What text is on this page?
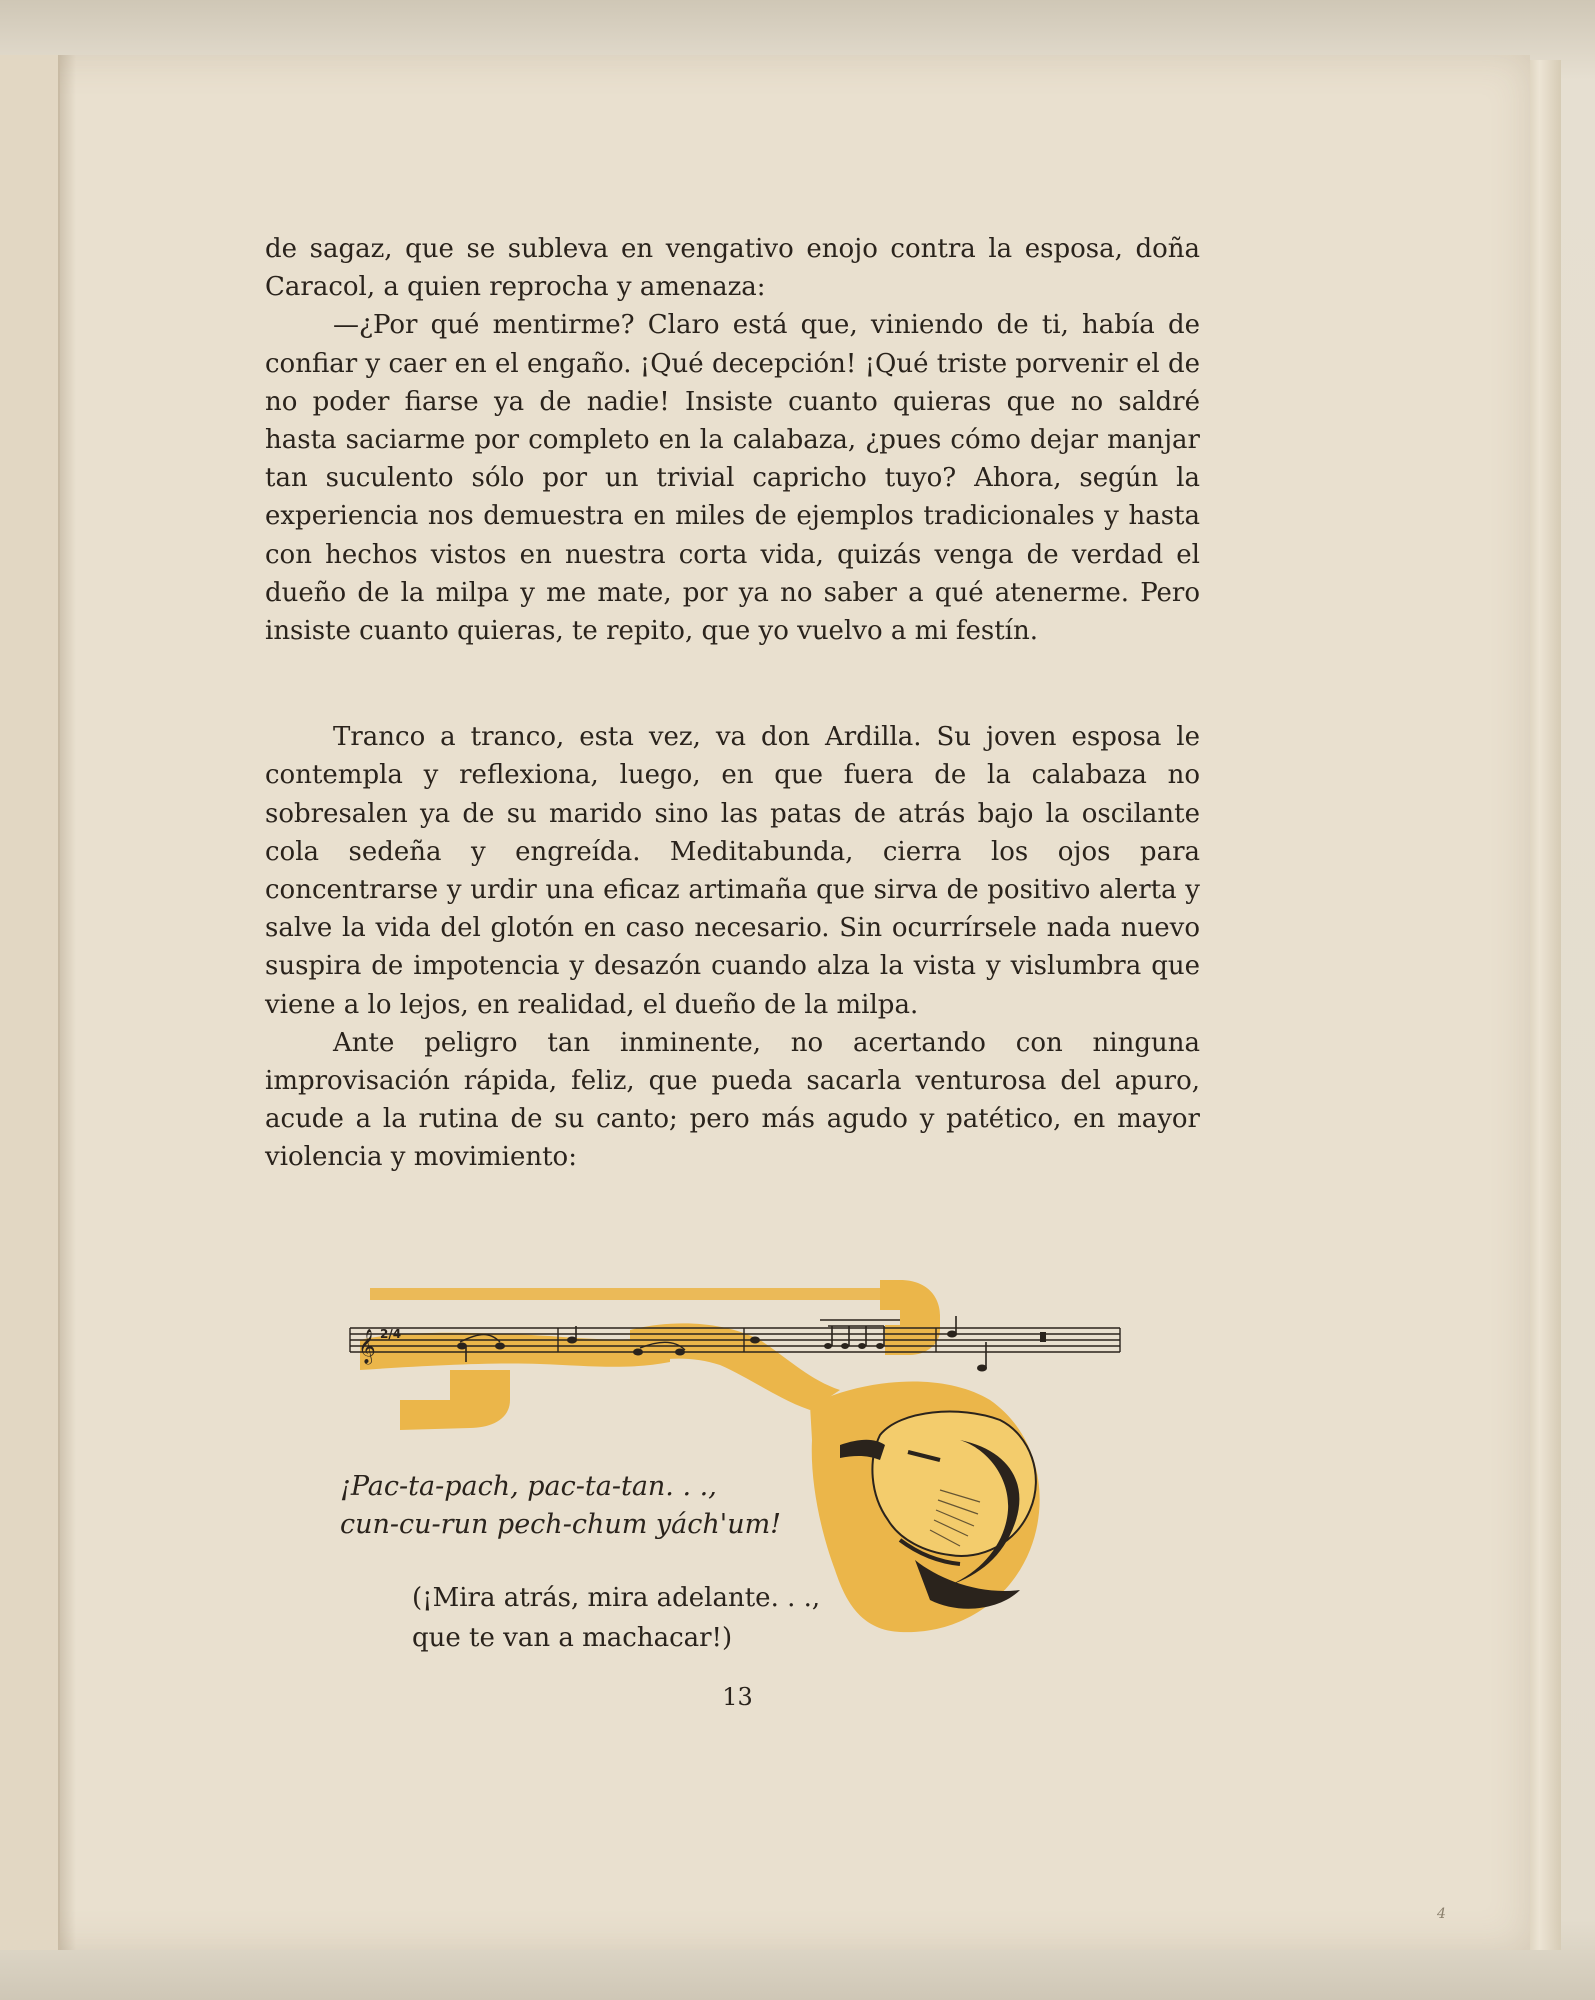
de sagaz, que se subleva en vengativo enojo contra la esposa, doña Caracol, a quien reprocha y amenaza:

—¿Por qué mentirme? Claro está que, viniendo de ti, había de confiar y caer en el engaño. ¡Qué decepción! ¡Qué triste porvenir el de no poder fiarse ya de nadie! Insiste cuanto quieras que no saldré hasta saciarme por completo en la calabaza, ¿pues cómo dejar manjar tan suculento sólo por un trivial capricho tuyo? Ahora, según la experiencia nos demuestra en miles de ejemplos tradicionales y hasta con hechos vistos en nuestra corta vida, quizás venga de verdad el dueño de la milpa y me mate, por ya no saber a qué atenerme. Pero insiste cuanto quieras, te repito, que yo vuelvo a mi festín.

Tranco a tranco, esta vez, va don Ardilla. Su joven esposa le contempla y reflexiona, luego, en que fuera de la calabaza no sobresalen ya de su marido sino las patas de atrás bajo la oscilante cola sedeña y engreída. Meditabunda, cierra los ojos para concentrarse y urdir una eficaz artimaña que sirva de positivo alerta y salve la vida del glotón en caso necesario. Sin ocurrírsele nada nuevo suspira de impotencia y desazón cuando alza la vista y vislumbra que viene a lo lejos, en realidad, el dueño de la milpa.

Ante peligro tan inminente, no acertando con ninguna improvisación rápida, feliz, que pueda sacarla venturosa del apuro, acude a la rutina de su canto; pero más agudo y patético, en mayor violencia y movimiento:

𝄞 2/4
¡Pac-ta-pach, pac-ta-tan. . .,
cun-cu-run pech-chum yách'um!
(¡Mira atrás, mira adelante. . .,
que te van a machacar!)
13
4
